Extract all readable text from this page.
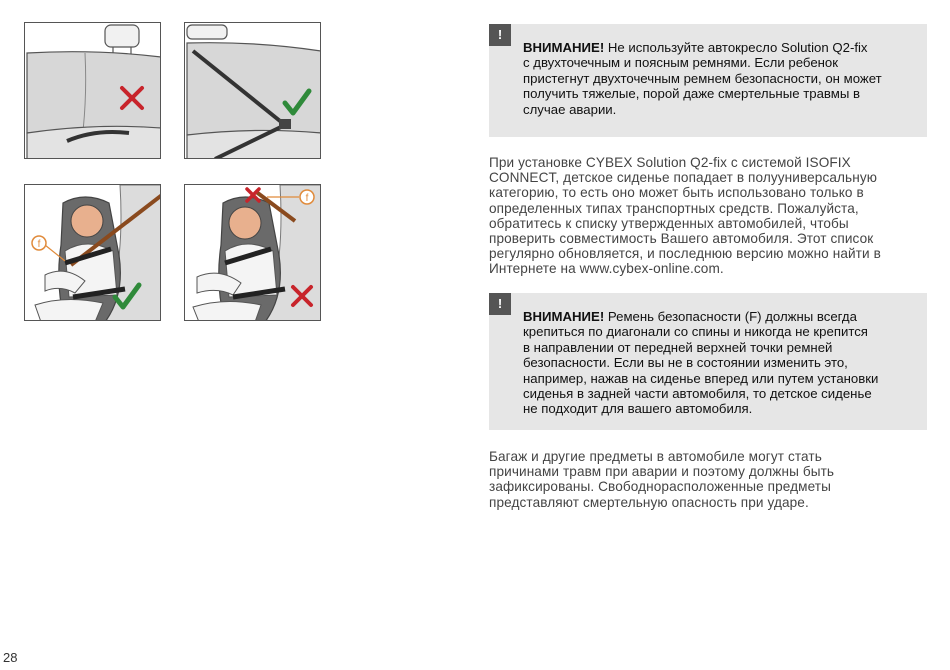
f
f
!
ВНИМАНИЕ! Не используйте автокресло Solution Q2-fix
с двухточечным и поясным ремнями. Если ребенок
пристегнут двухточечным ремнем безопасности, он может
получить тяжелые, порой даже смертельные травмы в
случае аварии.
При установке CYBEX Solution Q2-fix с системой ISOFIX
CONNECT, детское сиденье попадает в полууниверсальную
категорию, то есть оно может быть использовано только в
определенных типах транспортных средств. Пожалуйста,
обратитесь к списку утвержденных автомобилей, чтобы
проверить совместимость Вашего автомобиля. Этот список
регулярно обновляется, и последнюю версию можно найти в
Интернете на www.cybex-online.com.
!
ВНИМАНИЕ! Ремень безопасности (F) должны всегда
крепиться по диагонали со спины и никогда не крепится
в направлении от передней верхней точки ремней
безопасности. Если вы не в состоянии изменить это,
например, нажав на сиденье вперед или путем установки
сиденья в задней части автомобиля, то детское сиденье
не подходит для вашего автомобиля.
Багаж и другие предметы в автомобиле могут стать
причинами травм при аварии и поэтому должны быть
зафиксированы. Свободнорасположенные предметы
представляют смертельную опасность при ударе.
28
